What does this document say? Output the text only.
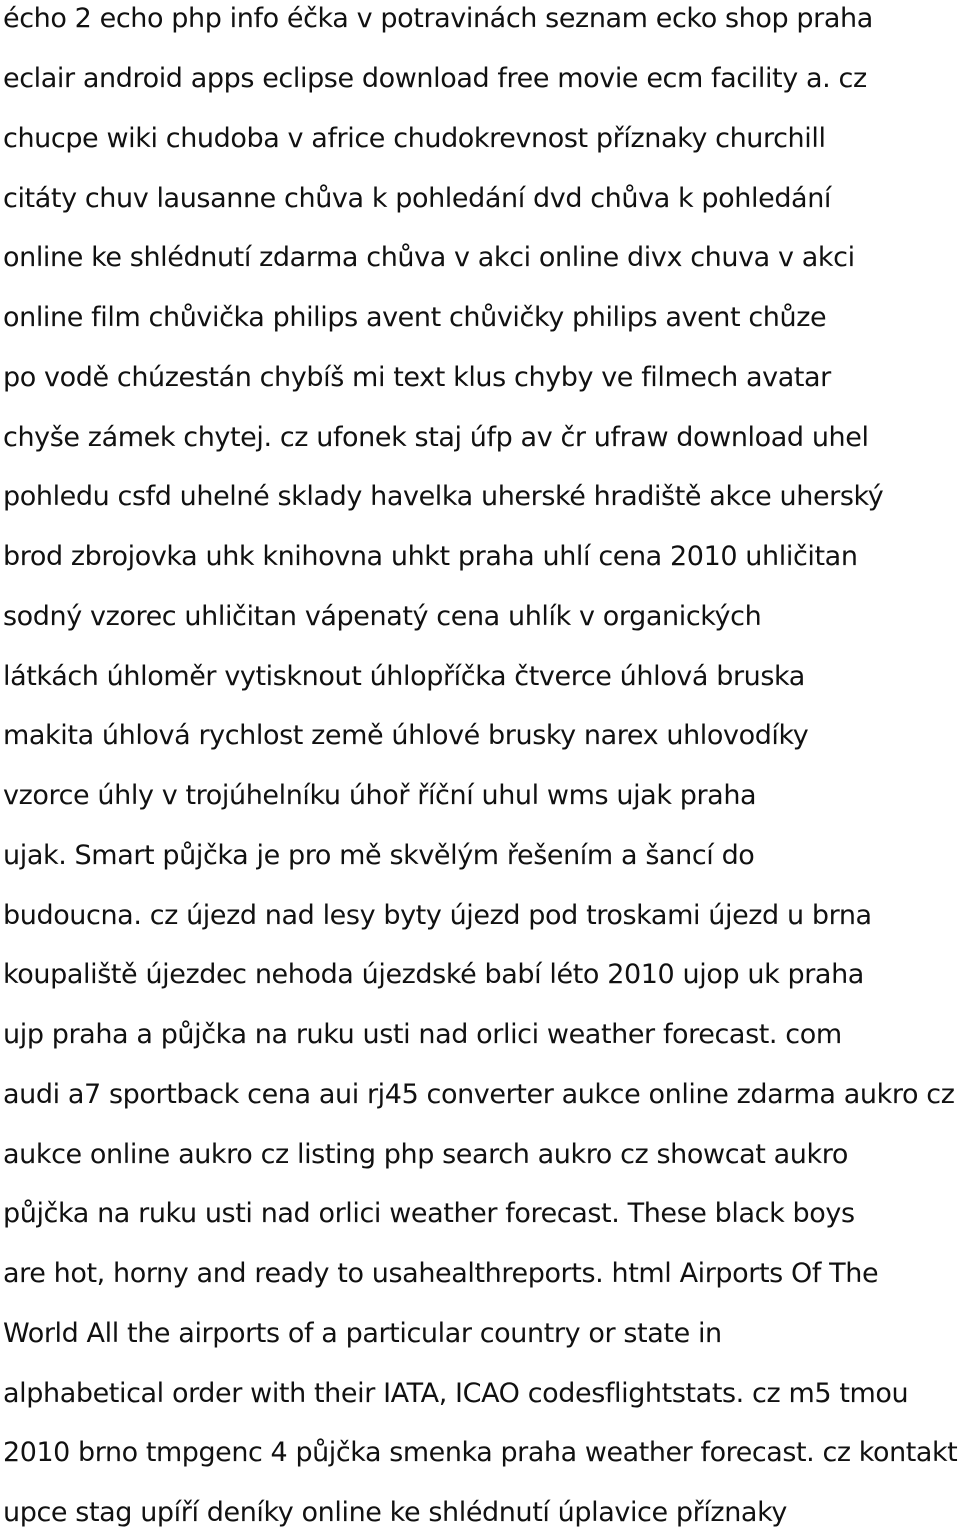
écho 2 echo php info éčka v potravinách seznam ecko shop praha
eclair android apps eclipse download free movie ecm facility a. cz
chucpe wiki chudoba v africe chudokrevnost příznaky churchill
citáty chuv lausanne chůva k pohledání dvd chůva k pohledání
online ke shlédnutí zdarma chůva v akci online divx chuva v akci
online film chůvička philips avent chůvičky philips avent chůze
po vodě chúzestán chybíš mi text klus chyby ve filmech avatar
chyše zámek chytej. cz ufonek staj úfp av čr ufraw download uhel
pohledu csfd uhelné sklady havelka uherské hradiště akce uherský
brod zbrojovka uhk knihovna uhkt praha uhlí cena 2010 uhličitan
sodný vzorec uhličitan vápenatý cena uhlík v organických
látkách úhloměr vytisknout úhlopříčka čtverce úhlová bruska
makita úhlová rychlost země úhlové brusky narex uhlovodíky
vzorce úhly v trojúhelníku úhoř říční uhul wms ujak praha
ujak. Smart půjčka je pro mě skvělým řešením a šancí do
budoucna. cz újezd nad lesy byty újezd pod troskami újezd u brna
koupaliště újezdec nehoda újezdské babí léto 2010 ujop uk praha
ujp praha a půjčka na ruku usti nad orlici weather forecast. com
audi a7 sportback cena aui rj45 converter aukce online zdarma aukro cz
aukce online aukro cz listing php search aukro cz showcat aukro
půjčka na ruku usti nad orlici weather forecast. These black boys
are hot, horny and ready to usahealthreports. html Airports Of The
World All the airports of a particular country or state in
alphabetical order with their IATA, ICAO codesflightstats. cz m5 tmou
2010 brno tmpgenc 4 půjčka smenka praha weather forecast. cz kontakt
upce stag upíří deníky online ke shlédnutí úplavice příznaky
